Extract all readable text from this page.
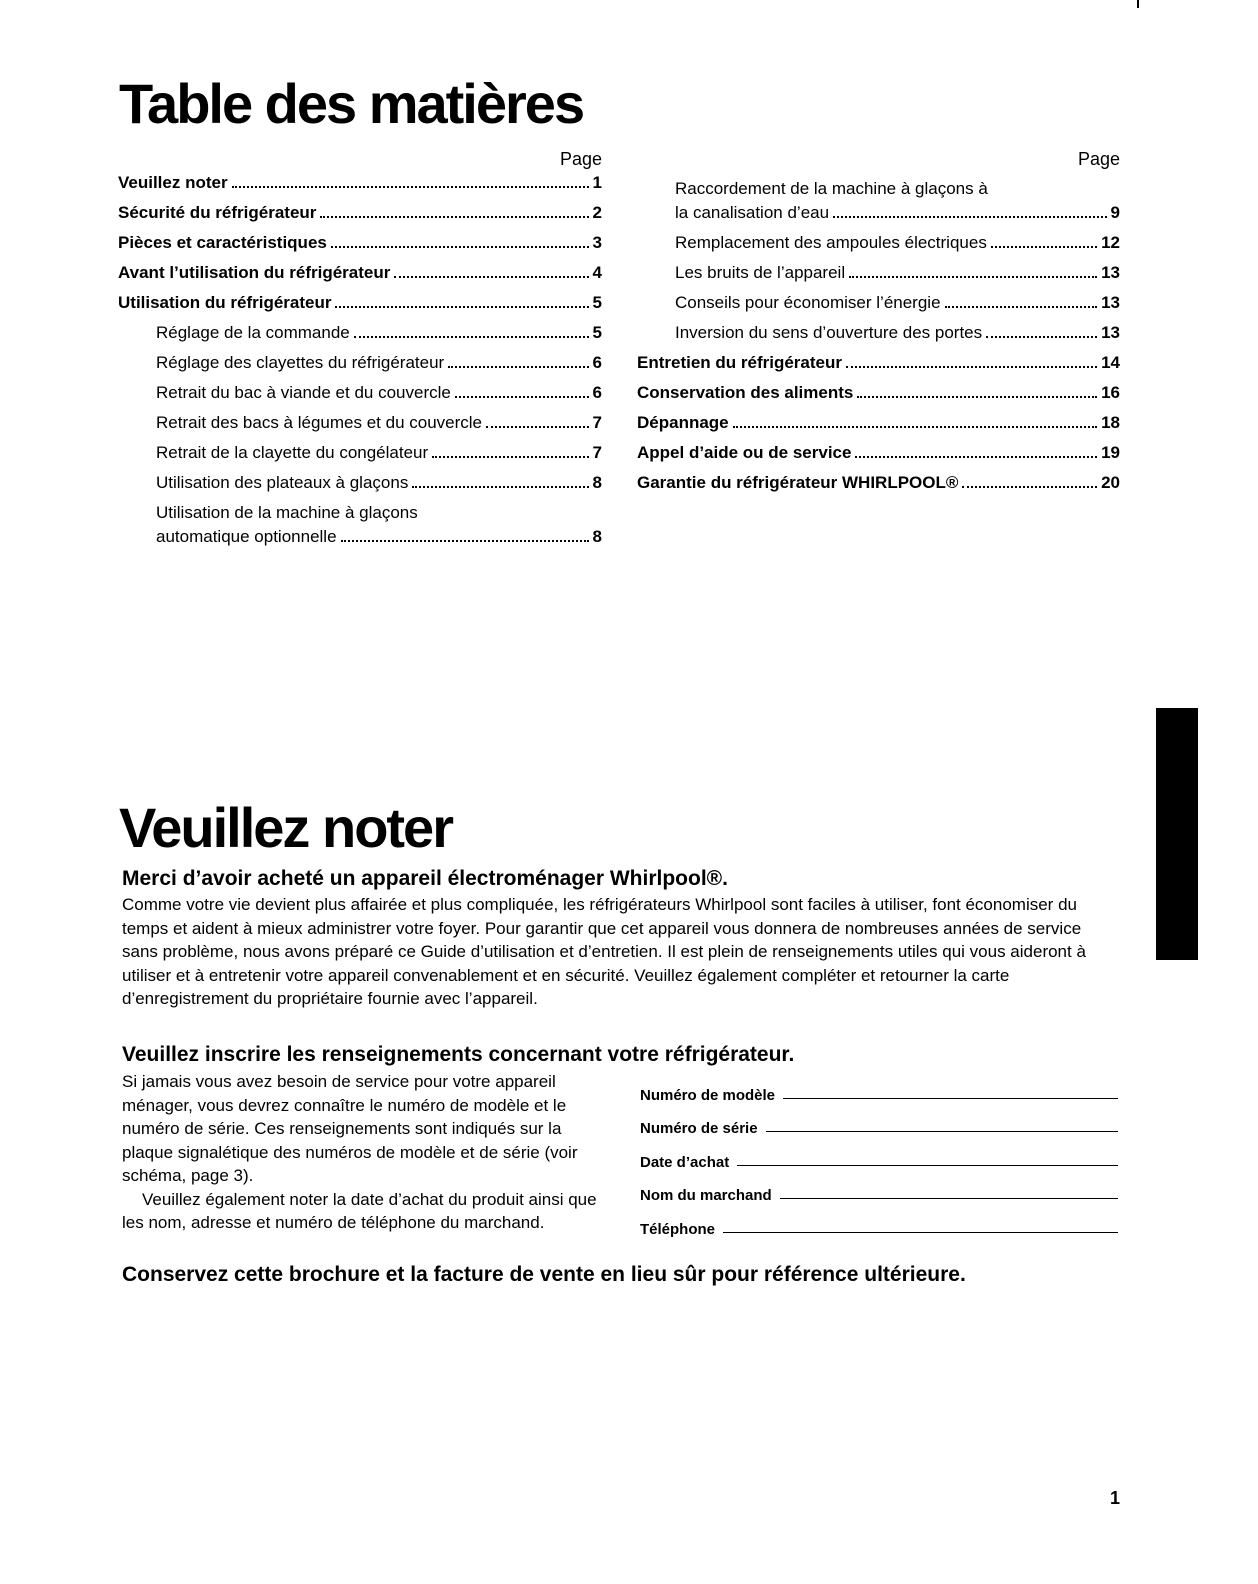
Table des matières
Page
Veuillez noter	1
Sécurité du réfrigérateur	2
Pièces et caractéristiques	3
Avant l’utilisation du réfrigérateur	4
Utilisation du réfrigérateur	5
Réglage de la commande	5
Réglage des clayettes du réfrigérateur	6
Retrait du bac à viande et du couvercle	6
Retrait des bacs à légumes et du couvercle	7
Retrait de la clayette du congélateur	7
Utilisation des plateaux à glaçons	8
Utilisation de la machine à glaçons
automatique optionnelle	8
Page
Raccordement de la machine à glaçons à
la canalisation d’eau	9
Remplacement des ampoules électriques	12
Les bruits de l’appareil	13
Conseils pour économiser l’énergie	13
Inversion du sens d’ouverture des portes	13
Entretien du réfrigérateur	14
Conservation des aliments	16
Dépannage	18
Appel d’aide ou de service	19
Garantie du réfrigérateur WHIRLPOOL®	20
Veuillez noter
Merci d’avoir acheté un appareil électroménager Whirlpool®.

Comme votre vie devient plus affairée et plus compliquée, les réfrigérateurs Whirlpool sont faciles à utiliser, font économiser du temps et aident à mieux administrer votre foyer. Pour garantir que cet appareil vous donnera de nombreuses années de service sans problème, nous avons préparé ce Guide d’utilisation et d’entretien. Il est plein de renseignements utiles qui vous aideront à utiliser et à entretenir votre appareil convenablement et en sécurité. Veuillez également compléter et retourner la carte d’enregistrement du propriétaire fournie avec l’appareil.

Veuillez inscrire les renseignements concernant votre réfrigérateur.
Si jamais vous avez besoin de service pour votre appareil ménager, vous devrez connaître le numéro de modèle et le numéro de série. Ces renseignements sont indiqués sur la plaque signalétique des numéros de modèle et de série (voir schéma, page 3).
Veuillez également noter la date d’achat du produit ainsi que les nom, adresse et numéro de téléphone du marchand.
Numéro de modèle
Numéro de série
Date d’achat
Nom du marchand
Téléphone

Conservez cette brochure et la facture de vente en lieu sûr pour référence ultérieure.

1
